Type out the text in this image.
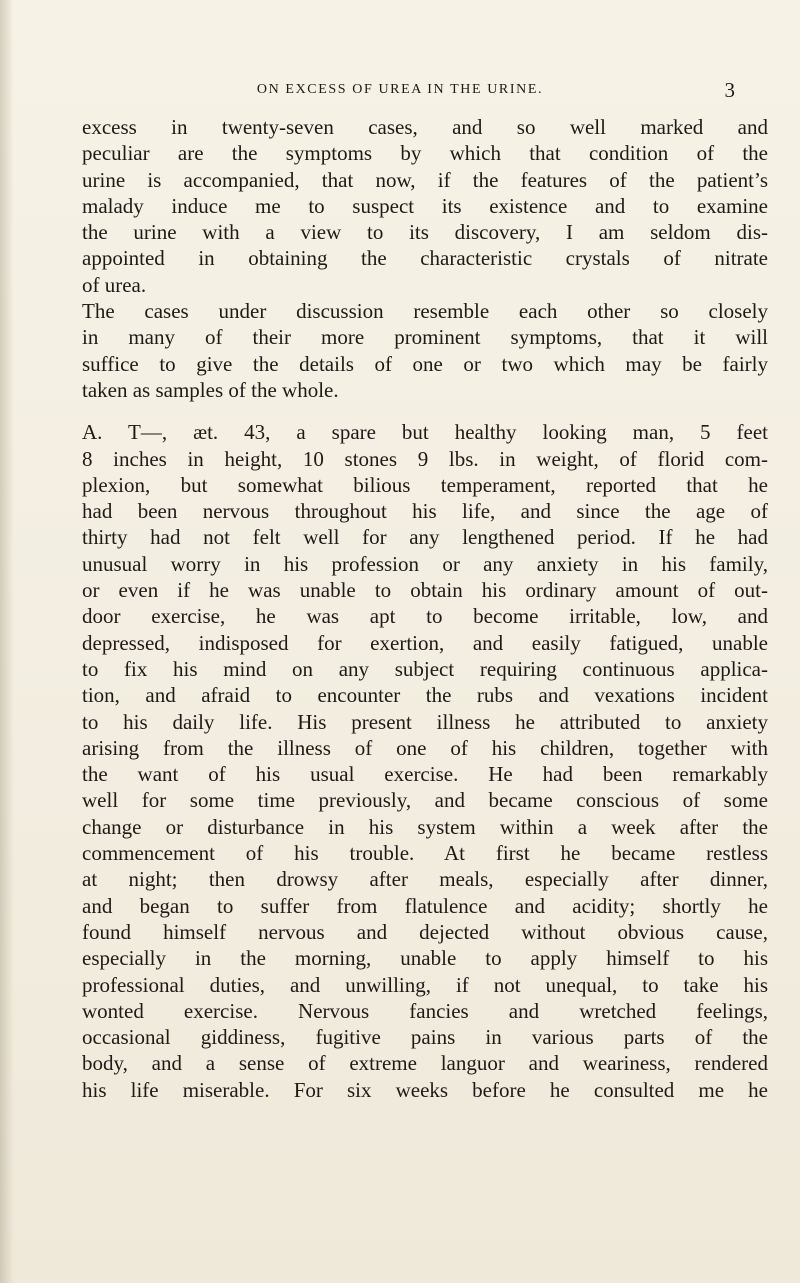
ON EXCESS OF UREA IN THE URINE.	3
excess in twenty-seven cases, and so well marked and
peculiar are the symptoms by which that condition of the
urine is accompanied, that now, if the features of the patient’s
malady induce me to suspect its existence and to examine
the urine with a view to its discovery, I am seldom dis-
appointed in obtaining the characteristic crystals of nitrate
of urea.
The cases under discussion resemble each other so closely
in many of their more prominent symptoms, that it will
suffice to give the details of one or two which may be fairly
taken as samples of the whole.
A. T—, æt. 43, a spare but healthy looking man, 5 feet
8 inches in height, 10 stones 9 lbs. in weight, of florid com-
plexion, but somewhat bilious temperament, reported that he
had been nervous throughout his life, and since the age of
thirty had not felt well for any lengthened period. If he had
unusual worry in his profession or any anxiety in his family,
or even if he was unable to obtain his ordinary amount of out-
door exercise, he was apt to become irritable, low, and
depressed, indisposed for exertion, and easily fatigued, unable
to fix his mind on any subject requiring continuous applica-
tion, and afraid to encounter the rubs and vexations incident
to his daily life. His present illness he attributed to anxiety
arising from the illness of one of his children, together with
the want of his usual exercise. He had been remarkably
well for some time previously, and became conscious of some
change or disturbance in his system within a week after the
commencement of his trouble. At first he became restless
at night; then drowsy after meals, especially after dinner,
and began to suffer from flatulence and acidity; shortly he
found himself nervous and dejected without obvious cause,
especially in the morning, unable to apply himself to his
professional duties, and unwilling, if not unequal, to take his
wonted exercise. Nervous fancies and wretched feelings,
occasional giddiness, fugitive pains in various parts of the
body, and a sense of extreme languor and weariness, rendered
his life miserable. For six weeks before he consulted me he
